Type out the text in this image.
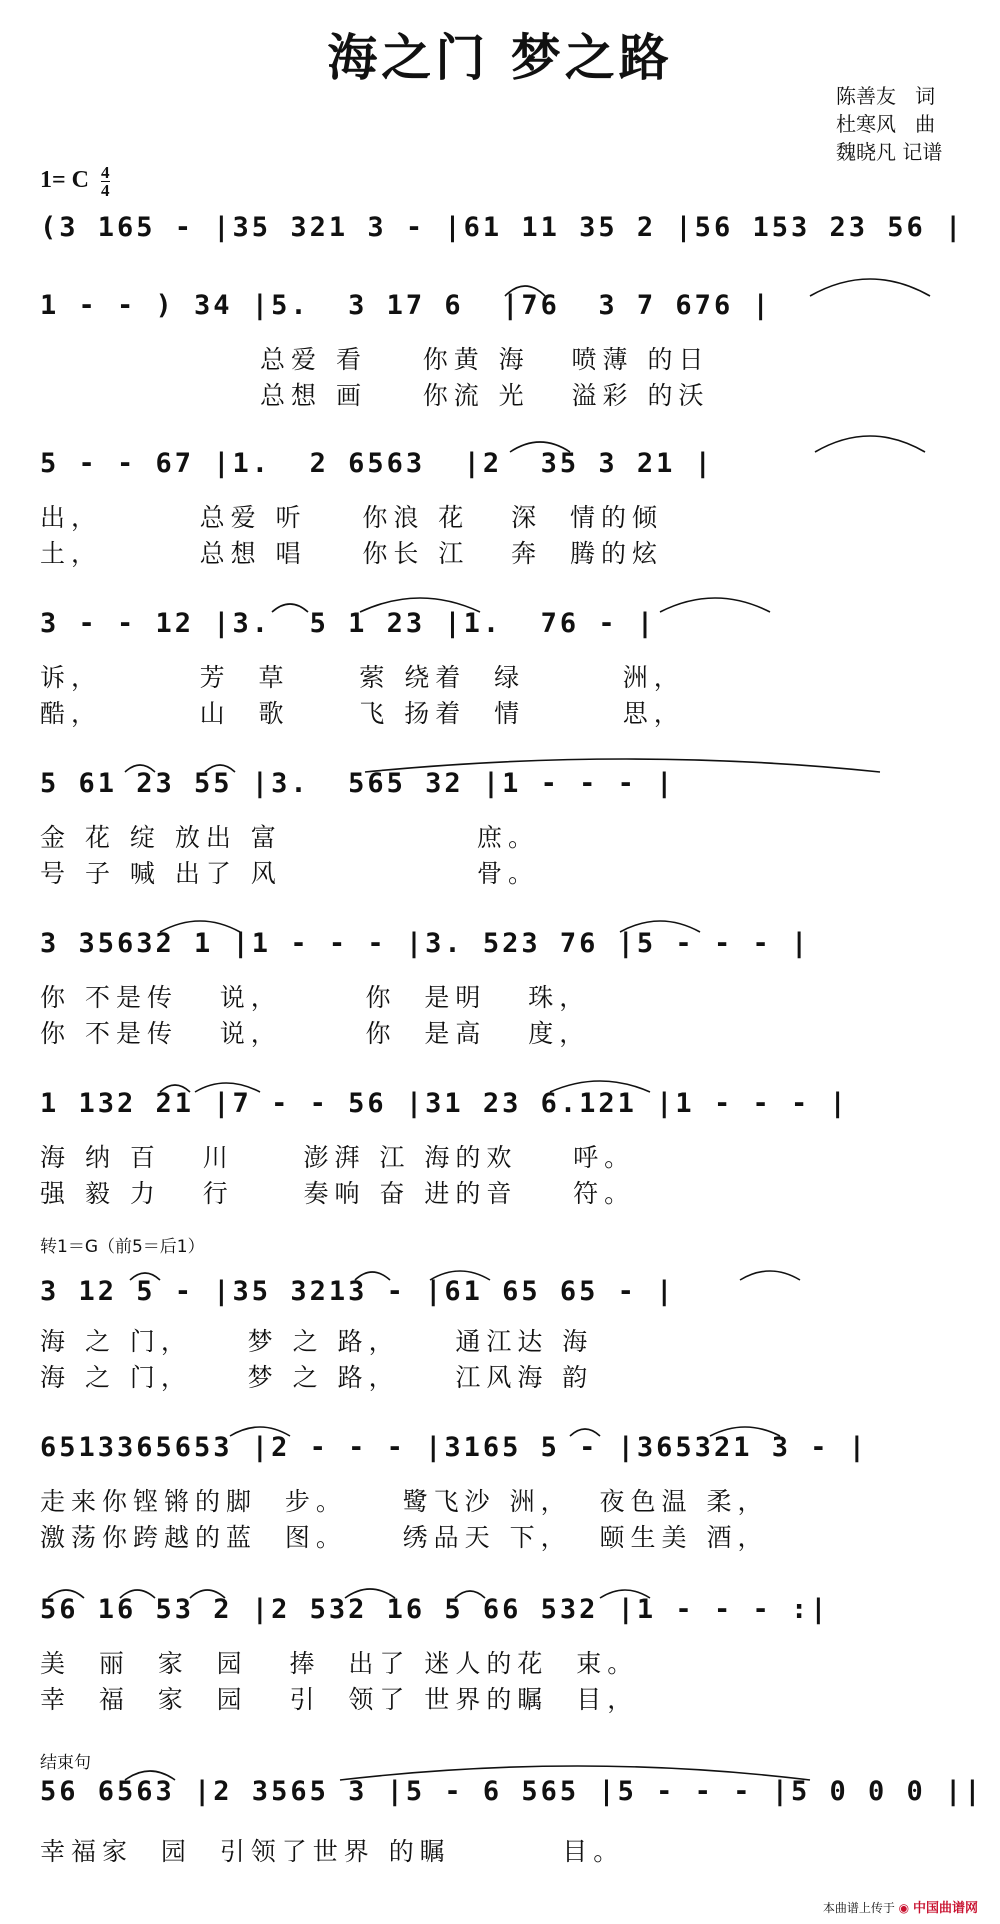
海之门 梦之路
陈善友   词
杜寒风   曲
魏晓凡 记谱
1= C $\frac{4}{4}$
(3 165 - |35 321 3 - |61 11 35 2 |56 153 23 56 |
1 - - ) 34 |5.  3 17 6  |76  3 7 676 |
总爱 看    你黄 海   喷薄 的日
总想 画    你流 光   溢彩 的沃
5 - - 67 |1.  2 6563  |2  35 3 21 |
出，       总爱 听    你浪 花   深  情的倾
土，       总想 唱    你长 江   奔  腾的炫
3 - - 12 |3.  5 1 23 |1.  76 - |
诉，       芳  草     萦 绕着  绿       洲，
酷，       山  歌     飞 扬着  情       思，
5 61 23 55 |3.  565 32 |1 - - - |
金 花 绽 放出 富              庶。
号 子 喊 出了 风              骨。
3 35632 1 |1 - - - |3. 523 76 |5 - - - |
你 不是传   说，      你  是明   珠，
你 不是传   说，      你  是高   度，
1 132 21 |7 - - 56 |31 23 6.121 |1 - - - |
海 纳 百   川     澎湃 江 海的欢    呼。
强 毅 力   行     奏响 奋 进的音    符。
转1＝G（前5＝后1）
3 12 5 - |35 3213 - |61 65 65 - |
海 之 门，    梦 之 路，    通江达 海
海 之 门，    梦 之 路，    江风海 韵
6513365653 |2 - - - |3165 5 - |365321 3 - |
走来你铿锵的脚  步。    鹭飞沙 洲，  夜色温 柔，
激荡你跨越的蓝  图。    绣品天 下，  颐生美 酒，
56 16 53 2 |2 532 16 5 66 532 |1 - - - :|
美  丽  家  园   捧  出了 迷人的花  束。
幸  福  家  园   引  领了 世界的瞩  目，
结束句
56 6563 |2 3565 3 |5 - 6 565 |5 - - - |5 0 0 0 ||
幸福家  园  引领了世界 的瞩        目。
本曲谱上传于 ◉ 中国曲谱网
